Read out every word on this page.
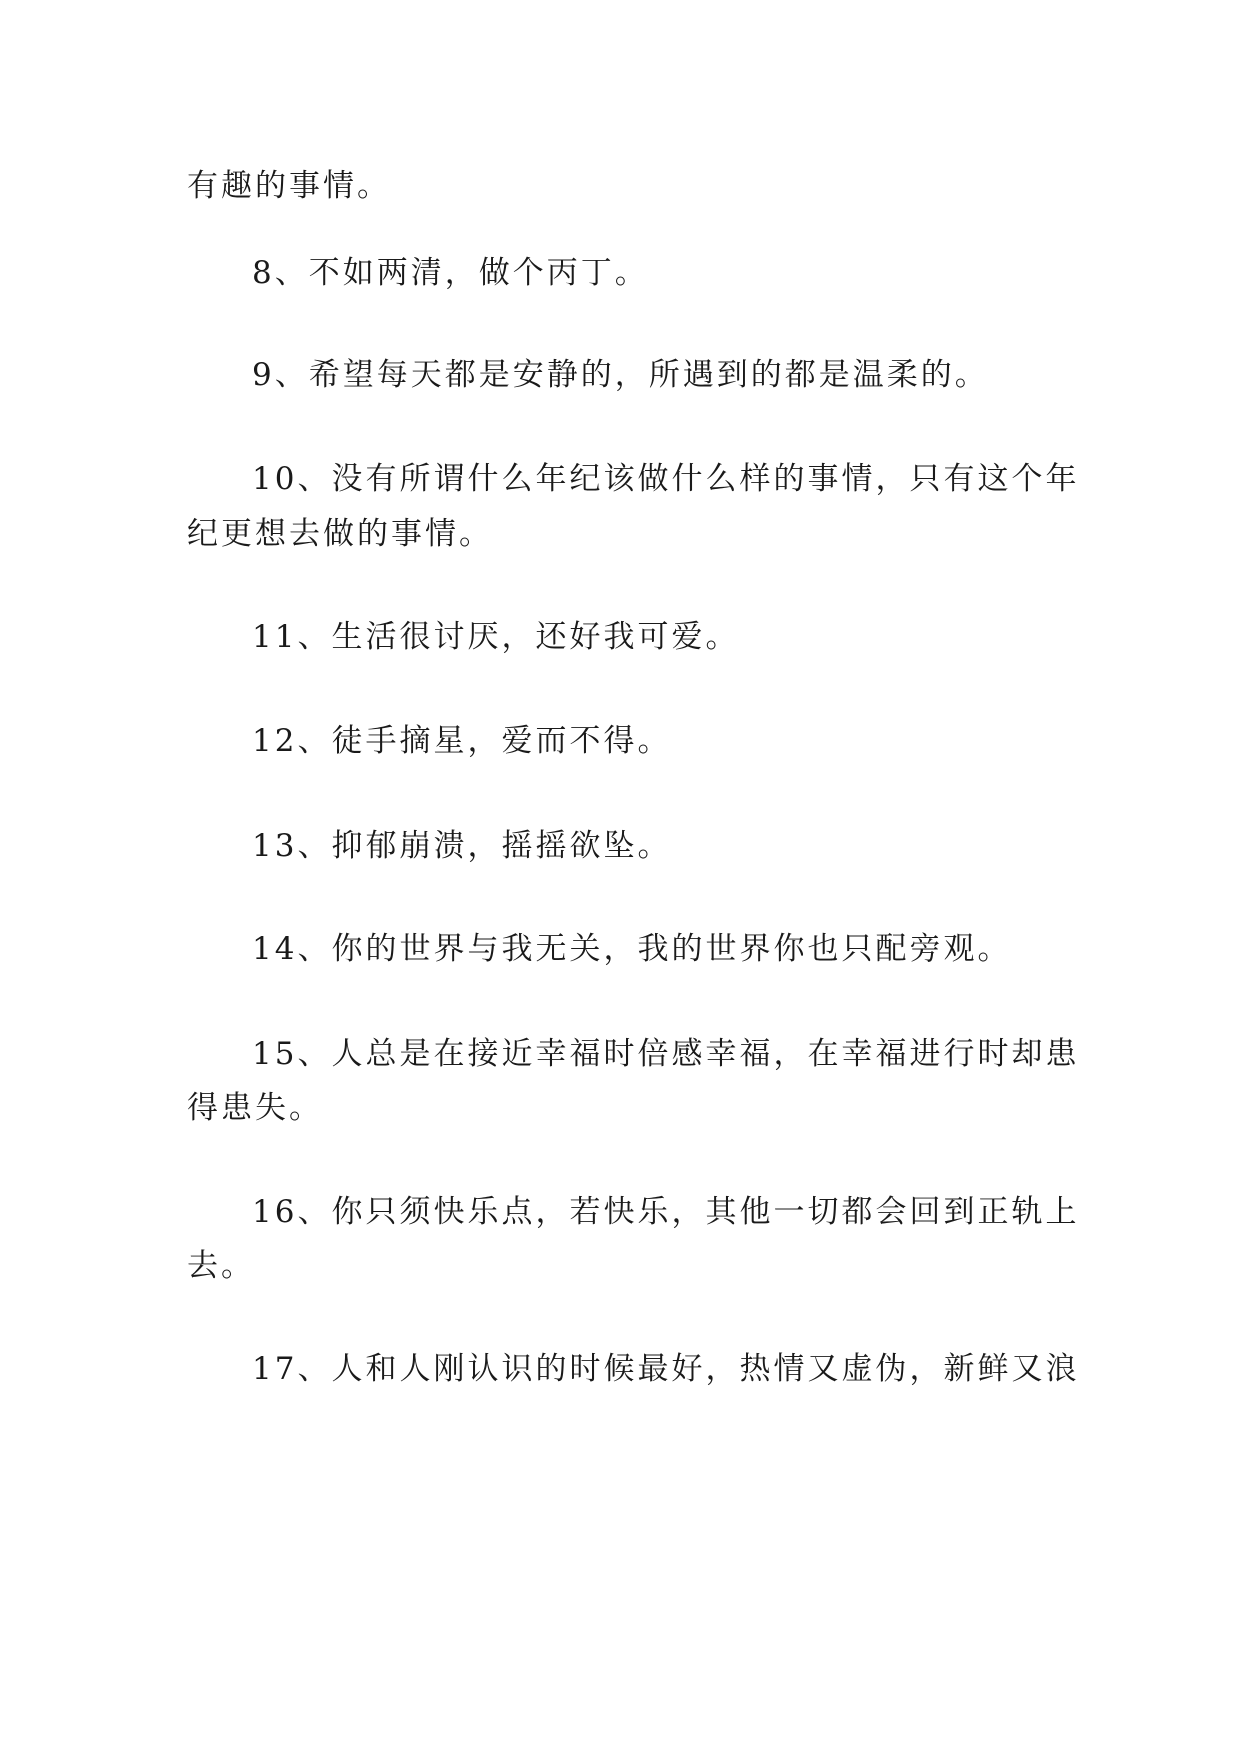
有趣的事情。
8、不如两清，做个丙丁。
9、希望每天都是安静的，所遇到的都是温柔的。
10、没有所谓什么年纪该做什么样的事情，只有这个年
纪更想去做的事情。
11、生活很讨厌，还好我可爱。
12、徒手摘星，爱而不得。
13、抑郁崩溃，摇摇欲坠。
14、你的世界与我无关，我的世界你也只配旁观。
15、人总是在接近幸福时倍感幸福，在幸福进行时却患
得患失。
16、你只须快乐点，若快乐，其他一切都会回到正轨上
去。
17、人和人刚认识的时候最好，热情又虚伪，新鲜又浪
